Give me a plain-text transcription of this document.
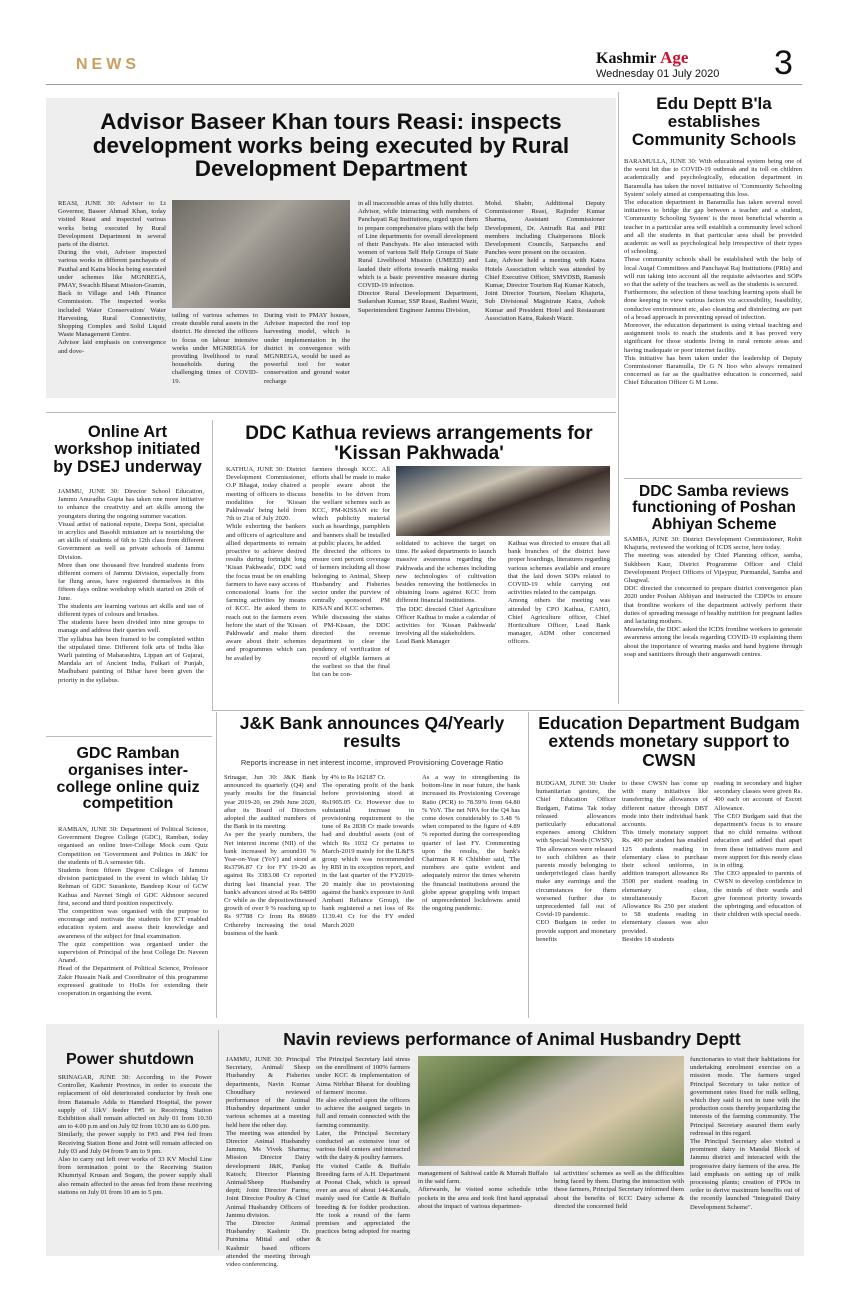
NEWS	Kashmir Age
Wednesday 01 July 2020	3
Advisor Baseer Khan tours Reasi: inspects development works being executed by Rural Development Department
REASI, JUNE 30: Advisor to Lt Governor, Baseer Ahmad Khan, today visited Reasi and inspected various works being executed by Rural Development Department in several parts of the district.
During the visit, Advisor inspected various works in different panchayats of Pauthal and Katra blocks being executed under schemes like MGNREGA, PMAY, Swachh Bharat Mission-Gramin, Back to Village and 14th Finance Commission. The inspected works included Water Conservation/ Water Harvesting, Rural Connectivity, Shopping Complex and Solid Liquid Waste Management Centre.
Advisor laid emphasis on convergence and dove-
tailing of various schemes to create durable rural assets in the district. He directed the officers to focus on labour intensive works under MGNREGA for providing livelihood to rural households during the challenging times of COVID-19.
During visit to PMAY houses, Advisor inspected the roof top harvesting model, which is under implementation in the district in convergence with MGNREGA, would be used as powerful tool for water conservation and ground water recharge
in all inaccessible areas of this hilly district.
Advisor, while interacting with members of Panchayati Raj Institutions, urged upon them to prepare comprehensive plans with the help of Line departments for overall development of their Panchyats. He also interacted with women of various Self Help Groups of State Rural Livelihood Mission (UMEED) and lauded their efforts towards making masks which is a basic preventive measure during COVID-19 infection.
Director Rural Development Department, Sudarshan Kumar, SSP Reasi, Rashmi Wazir, Superintendent Engineer Jammu Division,
Mohd. Shabir, Additional Deputy Commissioner Reasi, Rajinder Kumar Sharma, Assistant Commissioner Development, Dr. Anirudh Rai and PRI members including Chairpersons Block Development Councils, Sarpanchs and Panches were present on the occasion.
Late, Advisor held a meeting with Katra Hotels Association which was attended by Chief Executive Officer, SMVDSB, Ramesh Kumar, Director Tourism Raj Kumar Katoch, Joint Director Tourism, Neelam Khajuria, Sub Divisional Magistrate Katra, Ashok Kumar and President Hotel and Restaurant Association Katra, Rakesh Wazir.
Edu Deptt B'la establishes Community Schools
BARAMULLA, JUNE 30: With educational system being one of the worst hit due to COVID-19 outbreak and its toll on children academically and psychologically, education department in Baramulla has taken the novel initiative of 'Community Schooling System' solely aimed at compensating this loss.
The education department in Baramulla has taken several novel initiatives to bridge the gap between a teacher and a student, 'Community Schooling System' is the most beneficial wherein a teacher in a particular area will establish a community level school and all the students in that particular area shall be provided academic as well as psychological help irrespective of their types of schooling.
These community schools shall be established with the help of local Auqaf Committees and Panchayat Raj Institutions (PRIs) and will run taking into account all the requisite advisories and SOPs so that the safety of the teachers as well as the students is secured.
Furthermore, the selection of these teaching learning spots shall be done keeping in view various factors viz accessibility, feasibility, conducive environment etc, also cleaning and disinfecting are part of a broad approach in preventing spread of infection.
Moreover, the education department is using virtual teaching and assignment tools to reach the students and it has proved very significant for those students living in rural remote areas and having inadequate or poor internet facility.
This initiative has been taken under the leadership of Deputy Commissioner Baramulla, Dr G N Itoo who always remained concerned as far as the qualitative education is concerned, said Chief Education Officer G M Lone.
Online Art workshop initiated by DSEJ underway
JAMMU, JUNE 30: Director School Education, Jammu Anuradha Gupta has taken one more initiative to enhance the creativity and art skills among the youngsters during the ongoing summer vacation.
Visual artist of national repute, Deepa Soni, specialist in acrylics and Basohli miniature art is nourishing the art skills of students of 6th to 12th class from different Government as well as private schools of Jammu Division.
More than one thousand five hundred students from different corners of Jammu Division, especially from far flung areas, have registered themselves in this fifteen days online workshop which started on 26th of June.
The students are learning various art skills and use of different types of colours and brushes.
The students have been divided into nine groups to manage and address their queries well.
The syllabus has been framed to be completed within the stipulated time. Different folk arts of India like Warli painting of Maharashtra, Lippan art of Gujarat, Mandala art of Ancient India, Fulkari of Punjab, Madhubani painting of Bihar have been given the priority in the syllabus.
DDC Kathua reviews arrangements for 'Kissan Pakhwada'
KATHUA, JUNE 30: District Development Commissioner, O.P Bhagat, today chaired a meeting of officers to discuss modalities for 'Kissan Pakhwada' being held from 7th to 21st of July 2020.
While exhorting the bankers and officers of agriculture and allied departments to remain proactive to achieve desired results during fortnight long 'Kisan Pakhwada', DDC said the focus must be on enabling farmers to have easy access of concessional loans for the farming activities by means of KCC. He asked them to reach out to the farmers even before the start of the 'Kissan Pakhwada' and make them aware about their schemes and programmes which can be availed by
farmers through KCC. All efforts shall be made to make people aware about the benefits to be driven from the welfare schemes such as KCC, PM-KISSAN etc for which publicity material such as hoardings, pamphlets and banners shall be installed at public places, he added.
He directed the officers to ensure cent percent coverage of farmers including all those belonging to Animal, Sheep Husbandry and Fisheries sector under the purview of centrally sponsored PM KISAN and KCC schemes.
While discussing the status of PM-Kissan, the DDC directed the revenue department to clear the pendency of verification of record of eligible farmers at the earliest so that the final list can be con-
solidated to achieve the target on time. He asked departments to launch massive awareness regarding the Pakhwada and the schemes including new technologies of cultivation besides removing the bottlenecks in obtaining loans against KCC from different financial institutions.
The DDC directed Chief Agriculture Officer Kathua to make a calendar of activities for 'Kissan Pakhwada' involving all the stakeholders.
Lead Bank Manager
Kathua was directed to ensure that all bank branches of the district have proper hoardings, literatures regarding various schemes available and ensure that the laid down SOPs related to COVID-19 while carrying out activities related to the campaign.
Among others the meeting was attended by CPO Kathua, CAHO, Chief Agriculture officer, Chief Horticulture Officer, Lead Bank manager, ADM other concerned officers.
DDC Samba reviews functioning of Poshan Abhiyan Scheme
SAMBA, JUNE 30: District Development Commissioner, Rohit Khajuria, reviewed the working of ICDS sector, here today.
The meeting was attended by Chief Planning officer, samba, Sukhbeen Kaur, District Programme Officer and Child Development Project Officers of Vijaypur, Purmandal, Samba and Ghagwal.
DDC directed the concerned to prepare district convergence plan 2020 under Poshan Abhiyan and instructed the CDPOs to ensure that frontline workers of the department actively perform their duties of spreading message of healthy nutrition for pregnant ladies and lactating mothers.
Meanwhile, the DDC asked the ICDS frontline workers to generate awareness among the locals regarding COVID-19 explaining them about the importance of wearing masks and hand hygiene through soap and sanitizers through their anganwadi centres.
GDC Ramban organises inter-college online quiz competition
RAMBAN, JUNE 30: Department of Political Science, Government Degree College (GDC), Ramban, today organised an online Inter-College Mock cum Quiz Competition on 'Government and Politics in J&K' for the students of B.A semester 6th.
Students from fifteen Degree Colleges of Jammu division participated in the event in which Ishfaq Ur Rehman of GDC Surankote, Bandeep Kour of GCW Kathua and Navnet Singh of GDC Akhnoor secured first, second and third position respectively.
The competition was organised with the purpose to encourage and motivate the students for ICT enabled education system and assess their knowledge and awareness of the subject for final examination.
The quiz competition was organised under the supervision of Principal of the host College Dr. Naveen Anand.
Head of the Department of Political Science, Professor Zakir Hussain Naik and Coordinator of this programme expressed gratitude to HoDs for extending their cooperation in organising the event.
J&K Bank announces Q4/Yearly results
Reports increase in net interest income, improved Provisioning Coverage Ratio
Srinagar, Jun 30: J&K Bank announced its quarterly (Q4) and yearly results for the financial year 2019-20, on 29th June 2020, after its Board of Directors adopted the audited numbers of the Bank in its meeting.
As per the yearly numbers, the Net interest income (NII) of the bank increased by around10 % Year-on-Year (YoY) and stood at Rs3796.87 Cr for FY 19-20 as against Rs 3383.08 Cr reported during last financial year. The bank's advances stood at Rs 64890 Cr while as the depositswitnessed growth of over 9 % reaching up to Rs 97788 Cr from Rs 89689 Crthereby increasing the total business of the bank
by 4% to Rs 162187 Cr.
The operating profit of the bank before provisioning stood at Rs1905.05 Cr. However due to substantial increase in provisioning requirement to the tune of Rs 2838 Cr made towards bad and doubtful assets (out of which Rs 1032 Cr pertains to March-2019 mainly for the IL&FS group which was recommended by RBI in its exception report, and in the last quarter of the FY2019-20 mainly due to provisioning against the bank's exposure to Anil Ambani Reliance Group), the bank registered a net loss of Rs 1139.41 Cr for the FY ended March 2020
As a way to strengthening its bottom-line in near future, the bank increased its Provisioning Coverage Ratio (PCR) to 78.59% from 64.80 % YoY. The net NPA for the Q4 has come down considerably to 3.48 % when compared to the figure of 4.89 % reported during the corresponding quarter of last FY. Commenting upon the results, the bank's Chairman R K Chhibber said, 'The numbers are quite evident and adequately mirror the times wherein the financial institutions around the globe appear grappling with impact of unprecedented lockdowns amid the ongoing pandemic.
Education Department Budgam extends monetary support to CWSN
BUDGAM, JUNE 30: Under humanitarian gesture, the Chief Education Officer Budgam, Fatima Tak today released allowances particularly educational expenses among Children with Special Needs (CWSN).
The allowances were released to such children as their parents mostly belonging to underprivileged class hardly make any earnings and the circumstances for them worsened further due to unprecedented fall out of Covid-19 pandemic.
CEO Budgam in order to provide support and monetary benefits
to these CWSN has come up with many initiatives like transferring the allowances of different nature through DBT mode into their individual bank accounts.
This timely monetary support Rs. 400 per student has enabled 125 students reading in elementary class to purchase their school uniforms, in addition transport allowance Rs 3500 per student reading in elementary class, simultaneously Escort Allowance Rs 250 per student to 58 students reading in elementary classes was also provided.
Besides 18 students
reading in secondary and higher secondary classes were given Rs. 400 each on account of Escort Allowance.
The CEO Budgam said that the department's focus is to ensure that no child remains without education and added that apart from these initiatives more and more support for this needy class is in offing.
The CEO appealed to parents of CWSN to develop confidence in the minds of their wards and give foremost priority towards the upbringing and education of their children with special needs.
Navin reviews performance of Animal Husbandry Deptt
Power shutdown
SRINAGAR, JUNE 30: According to the Power Controller, Kashmir Province, in order to execute the replacement of old deteriorated conductor by fresh one from Batamalo Adda to Hamdard Hospital, the power supply of 11kV feeder F#5 to Receiving Station Exhibition shall remain affected on July 01 from 10.30 am to 4.00 p.m and on July 02 from 10.30 am to 6.00 pm.
Similarly, the power supply to F#3 and F#4 fed from Receiving Station Bone and Joint will remain affected on July 03 and July 04 from 9 am to 9 pm.
Also to carry out left over works of 33 KV Mochil Line from termination point to the Receiving Station Khumriyal Krusan and Sogam, the power supply shall also remain affected to the areas fed from these receiving stations on July 01 from 10 am to 5 pm.
JAMMU, JUNE 30: Principal Secretary, Animal/ Sheep Husbandry & Fisheries departments, Navin Kumar Choudhary reviewed performance of the Animal Husbandry department under various schemes at a meeting held here the other day.
The meeting was attended by Director Animal Husbandry Jammu, Ms Vivek Sharma; Mission Director Dairy development J&K, Pankaj Katoch; Director Planning Animal/Sheep Husbandry deptt; Joint Director Farms; Joint Director Poultry & Chief Animal Husbandry Officers of Jammu division.
The Director Animal Husbandry Kashmir Dr. Purnima Mittal and other Kashmir based officers attended the meeting through video conferencing.
The Principal Secretary laid stress on the enrollment of 100% farmers under KCC & implementation of Atma Nirbhar Bharat for doubling of farmers' income.
He also exhorted upon the officers to achieve the assigned targets in full and remain connected with the farming community.
Later, the Principal Secretary conducted an extensive tour of various field centers and interacted with the dairy & poultry farmers.
He visited Cattle & Buffalo Breeding farm of A.H. Department at Poonai Chak, which is spread over an area of about 144-Kanals, mainly used for Cattle & Buffalo breeding & for fodder production. He took a round of the farm premises and appreciated the practices being adopted for rearing &
management of Sahiwal cattle & Murrah Buffalo in the said farm.
Afterwards, he visited some schedule tribe pockets in the area and took first hand appraisal about the impact of various departmen-
tal activities/ schemes as well as the difficulties being faced by them. During the interaction with these farmers, Principal Secretary informed them about the benefits of KCC Dairy scheme & directed the concerned field
functionaries to visit their habitations for undertaking enrolment exercise on a mission mode. The farmers urged Principal Secretary to take notice of government rates fixed for milk selling, which they said is not in tune with the production costs thereby jeopardizing the interests of the farming community. The Principal Secretary assured them early redressal in this regard.
The Principal Secretary also visited a prominent dairy in Mandal Block of Jammu district and interacted with the progressive dairy farmers of the area. He laid emphasis on setting up of milk processing plants; creation of FPOs in order to derive maximum benefits out of the recently launched "Integrated Dairy Development Scheme".
